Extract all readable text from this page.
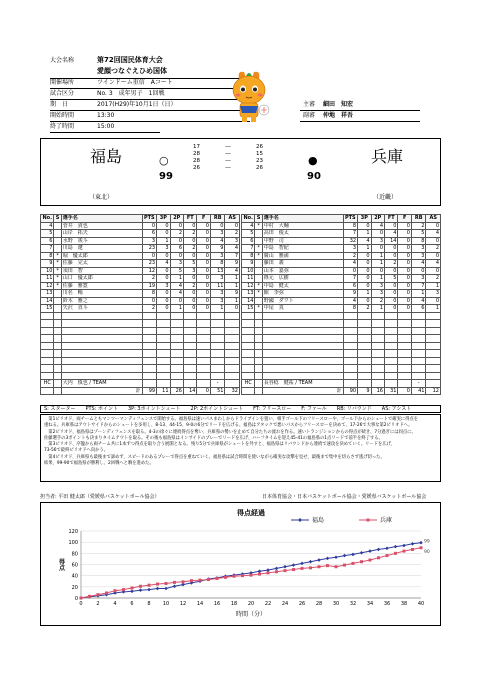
大会名称	第72回国民体育大会
愛顔つなぐえひめ国体
開催場所	ツインドーム重信　Aコート
試合区分	No. 3　成年男子　1回戦
期　日	2017(H29)年10月1日（日）
開始時間	13:30
終了時間	15:00
主審 細田　知宏
副審 仲地　祥吾
福島
（東北）
○
99
17	―	26
28	―	15
28	―	23
26	―	26
●
90
兵庫
（近畿）
No.	S	選手名	PTS	3P	2P	FT	F	RB	AS
4		菅井　貴也	0	0	0	0	0	0	0
5		山岸　拓夫	6	0	2	2	0	3	2
6		水野　竣斗	3	1	0	0	0	4	3
7		川島　遼	23	3	6	2	0	9	4
8	*	堀　優太郎	0	0	0	0	0	3	7
9	*	佐藤　完太	23	4	3	5	0	8	9
10	*	須田　智	12	0	5	3	0	13	4
11	*	山口　優太郎	2	0	1	0	0	3	1
12	*	佐藤　雅寛	19	3	4	2	0	11	1
13		川名　暢	8	0	4	0	0	3	9
14		鈴木　雅之	0	0	0	0	0	3	1
15		矢沢　直斗	2	0	1	0	0	1	0

HC		大内　慎也 / TEAM						-	
		計	99	11	26	14	0	51	32
No.	S	選手名	PTS	3P	2P	FT	F	RB	AS
4	*	中村　大輔	8	0	4	0	0	2	0
5		高田　俊太	7	1	0	4	0	5	4
6		中野　司	32	4	3	14	0	8	0
7	*	中島　智紀	3	1	0	0	0	3	2
8	*	廣山　雅満	2	0	1	0	0	3	0
9		藤田　義	4	0	1	2	0	4	4
10		山本　嘉弥	0	0	0	0	0	0	0
11		篠元　広樹	7	0	1	5	0	3	2
12	*	中島　健太	6	0	3	0	0	7	1
13	*	館　李弥	9	1	3	0	0	1	3
14		野國　ダワト	4	0	2	0	0	4	0
15	*	中尾　真	8	2	1	0	0	6	1

HC		長谷稔　健祐 / TEAM						-	
		計	90	9	16	31	0	41	12
S: スターター　　PTS: ポイント　　3P: 3ポイントシュート　　2P: 2ポイントシュート　　FT: フリースロー　　F: ファール　　RB: リバウンド　　AS: アシスト
　第1ピリオド、両チームともマンツーマンディフェンスで開始する。福島県は速いパスまわしからドライブインを狙い、相手ゴール下のフリースローや、ゴール下からのシュートで確実に得点を
重ねる。兵庫県はアウトサイドからのシュートを多用し、8-13、44-15、9-0の6分でリードを広げる。福島はアタックで悪いパスからフリースローを決めて、17-26で大事な第2ピリオドへ。
　第2ピリオド、福島県はゾーンディフェンスを取る。4-3の徐々に連続得点を奪い、兵庫県の勢いを止めて自分たちの流れを作る。速いトランジションからの得点が続き、7分過ぎには同点に。
佐藤選手の3ポイントも決まりタイムアウトを取る。その後も福島県はインサイドのプレーでリードを広げ、ハーフタイムを迎え45-41の福島県の1点リードで前半を終了する。
　第3ピリオド、序盤から両チーム共に1本ずつ得点を取り合う展開となる。残り5分で兵庫県がシュートを外すと、福島県はリバウンドから連続で速攻を決めていく。リードを広げ、
73-56で最終ピリオドへ向かう。
　第4ピリオド、兵庫県も最後まで諦めず、スピードのあるプレーで得点を重ねていく。福島県は試合時間を使いながら確実な攻撃を見せ、最後まで集中を切らさず逃げ切った。
結果、99-90で福島県が勝利し、2回戦へと駒を進めた。
担当者: 平田 健太郎（愛媛県バスケットボール協会）	日本体育協会・日本バスケットボール協会・愛媛県バスケットボール協会
得点経過
0
20
40
60
80
100
120
0	2	4	6	8 10 12 14 16 18 20 22 24 26 28 30 32 34 36 38 40
得点
時間（分）
99
90
福島	兵庫
